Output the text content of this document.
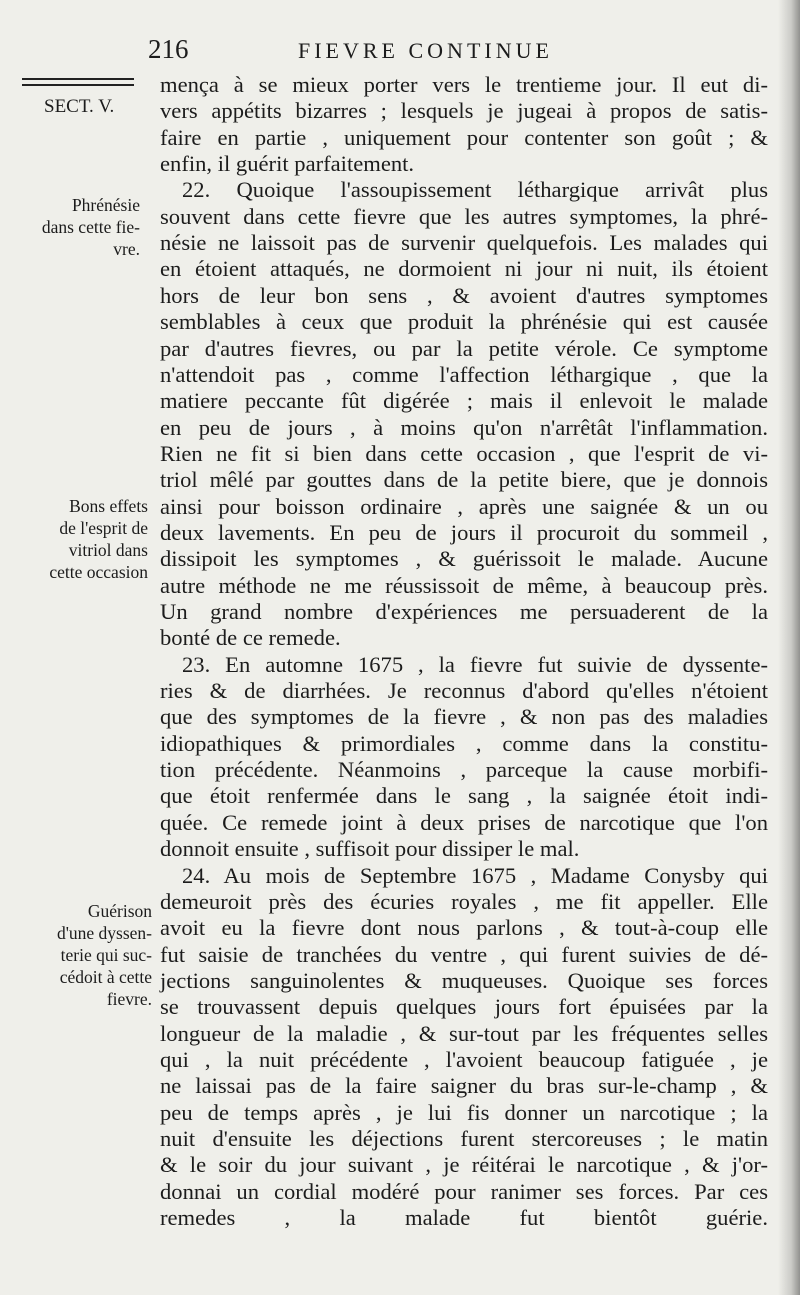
216	FIEVRE CONTINUE
SECT. V.
Phrénésie
dans cette fie-
vre.
Bons effets
de l'esprit de
vitriol dans
cette occasion
Guérison
d'une dyssen-
terie qui suc-
cédoit à cette
fievre.
mença à se mieux porter vers le trentieme jour. Il eut di-
vers appétits bizarres ; lesquels je jugeai à propos de satis-
faire en partie , uniquement pour contenter son goût ; &
enfin, il guérit parfaitement.
22. Quoique l'assoupissement léthargique arrivât plus
souvent dans cette fievre que les autres symptomes, la phré-
nésie ne laissoit pas de survenir quelquefois. Les malades qui
en étoient attaqués, ne dormoient ni jour ni nuit, ils étoient
hors de leur bon sens , & avoient d'autres symptomes
semblables à ceux que produit la phrénésie qui est causée
par d'autres fievres, ou par la petite vérole. Ce symptome
n'attendoit pas , comme l'affection léthargique , que la
matiere peccante fût digérée ; mais il enlevoit le malade
en peu de jours , à moins qu'on n'arrêtât l'inflammation.
Rien ne fit si bien dans cette occasion , que l'esprit de vi-
triol mêlé par gouttes dans de la petite biere, que je donnois
ainsi pour boisson ordinaire , après une saignée & un ou
deux lavements. En peu de jours il procuroit du sommeil ,
dissipoit les symptomes , & guérissoit le malade. Aucune
autre méthode ne me réussissoit de même, à beaucoup près.
Un grand nombre d'expériences me persuaderent de la
bonté de ce remede.
23. En automne 1675 , la fievre fut suivie de dyssente-
ries & de diarrhées. Je reconnus d'abord qu'elles n'étoient
que des symptomes de la fievre , & non pas des maladies
idiopathiques & primordiales , comme dans la constitu-
tion précédente. Néanmoins , parceque la cause morbifi-
que étoit renfermée dans le sang , la saignée étoit indi-
quée. Ce remede joint à deux prises de narcotique que l'on
donnoit ensuite , suffisoit pour dissiper le mal.
24. Au mois de Septembre 1675 , Madame Conysby qui
demeuroit près des écuries royales , me fit appeller. Elle
avoit eu la fievre dont nous parlons , & tout-à-coup elle
fut saisie de tranchées du ventre , qui furent suivies de dé-
jections sanguinolentes & muqueuses. Quoique ses forces
se trouvassent depuis quelques jours fort épuisées par la
longueur de la maladie , & sur-tout par les fréquentes selles
qui , la nuit précédente , l'avoient beaucoup fatiguée , je
ne laissai pas de la faire saigner du bras sur-le-champ , &
peu de temps après , je lui fis donner un narcotique ; la
nuit d'ensuite les déjections furent stercoreuses ; le matin
& le soir du jour suivant , je réitérai le narcotique , & j'or-
donnai un cordial modéré pour ranimer ses forces. Par ces
remedes , la malade fut bientôt guérie.
